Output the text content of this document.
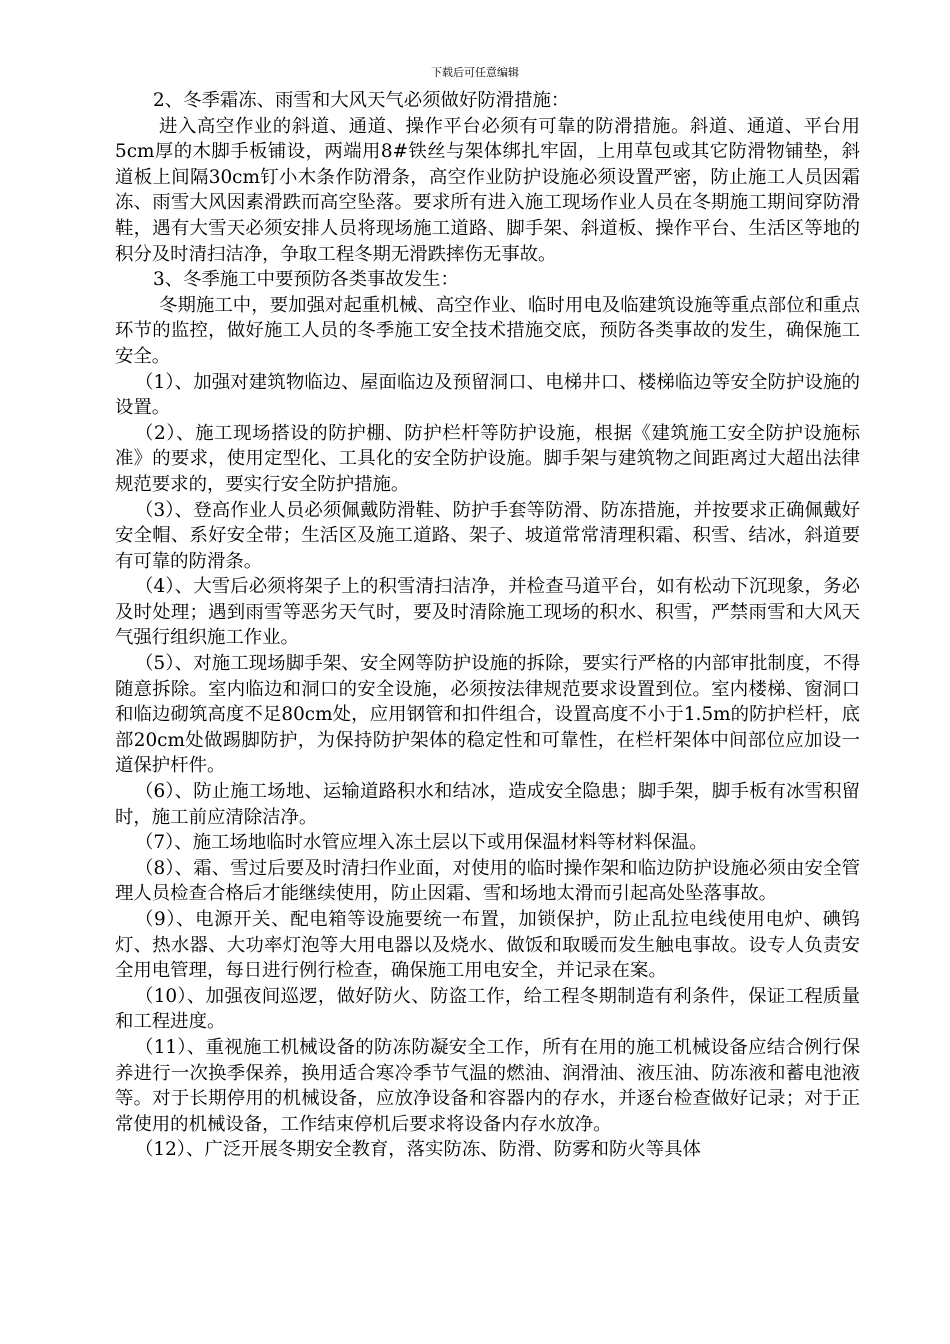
下载后可任意编辑

2、冬季霜冻、雨雪和大风天气必须做好防滑措施：

进入高空作业的斜道、通道、操作平台必须有可靠的防滑措施。斜道、通道、平台用5cm厚的木脚手板铺设，两端用8#铁丝与架体绑扎牢固，上用草包或其它防滑物铺垫，斜道板上间隔30cm钉小木条作防滑条，高空作业防护设施必须设置严密，防止施工人员因霜冻、雨雪大风因素滑跌而高空坠落。要求所有进入施工现场作业人员在冬期施工期间穿防滑鞋，遇有大雪天必须安排人员将现场施工道路、脚手架、斜道板、操作平台、生活区等地的积分及时清扫洁净，争取工程冬期无滑跌摔伤无事故。

3、冬季施工中要预防各类事故发生：

冬期施工中，要加强对起重机械、高空作业、临时用电及临建筑设施等重点部位和重点环节的监控，做好施工人员的冬季施工安全技术措施交底，预防各类事故的发生，确保施工安全。

（1）、加强对建筑物临边、屋面临边及预留洞口、电梯井口、楼梯临边等安全防护设施的设置。

（2）、施工现场搭设的防护棚、防护栏杆等防护设施，根据《建筑施工安全防护设施标准》的要求，使用定型化、工具化的安全防护设施。脚手架与建筑物之间距离过大超出法律规范要求的，要实行安全防护措施。

（3）、登高作业人员必须佩戴防滑鞋、防护手套等防滑、防冻措施，并按要求正确佩戴好安全帽、系好安全带；生活区及施工道路、架子、坡道常常清理积霜、积雪、结冰，斜道要有可靠的防滑条。

（4）、大雪后必须将架子上的积雪清扫洁净，并检查马道平台，如有松动下沉现象，务必及时处理；遇到雨雪等恶劣天气时，要及时清除施工现场的积水、积雪，严禁雨雪和大风天气强行组织施工作业。

（5）、对施工现场脚手架、安全网等防护设施的拆除，要实行严格的内部审批制度，不得随意拆除。室内临边和洞口的安全设施，必须按法律规范要求设置到位。室内楼梯、窗洞口和临边砌筑高度不足80cm处，应用钢管和扣件组合，设置高度不小于1.5m的防护栏杆，底部20cm处做踢脚防护，为保持防护架体的稳定性和可靠性，在栏杆架体中间部位应加设一道保护杆件。

（6）、防止施工场地、运输道路积水和结冰，造成安全隐患；脚手架，脚手板有冰雪积留时，施工前应清除洁净。

（7）、施工场地临时水管应埋入冻土层以下或用保温材料等材料保温。

（8）、霜、雪过后要及时清扫作业面，对使用的临时操作架和临边防护设施必须由安全管理人员检查合格后才能继续使用，防止因霜、雪和场地太滑而引起高处坠落事故。

（9）、电源开关、配电箱等设施要统一布置，加锁保护，防止乱拉电线使用电炉、碘钨灯、热水器、大功率灯泡等大用电器以及烧水、做饭和取暖而发生触电事故。设专人负责安全用电管理，每日进行例行检查，确保施工用电安全，并记录在案。

（10）、加强夜间巡逻，做好防火、防盗工作，给工程冬期制造有利条件，保证工程质量和工程进度。

（11）、重视施工机械设备的防冻防凝安全工作，所有在用的施工机械设备应结合例行保养进行一次换季保养，换用适合寒冷季节气温的燃油、润滑油、液压油、防冻液和蓄电池液等。对于长期停用的机械设备，应放净设备和容器内的存水，并逐台检查做好记录；对于正常使用的机械设备，工作结束停机后要求将设备内存水放净。

（12）、广泛开展冬期安全教育，落实防冻、防滑、防雾和防火等具体
